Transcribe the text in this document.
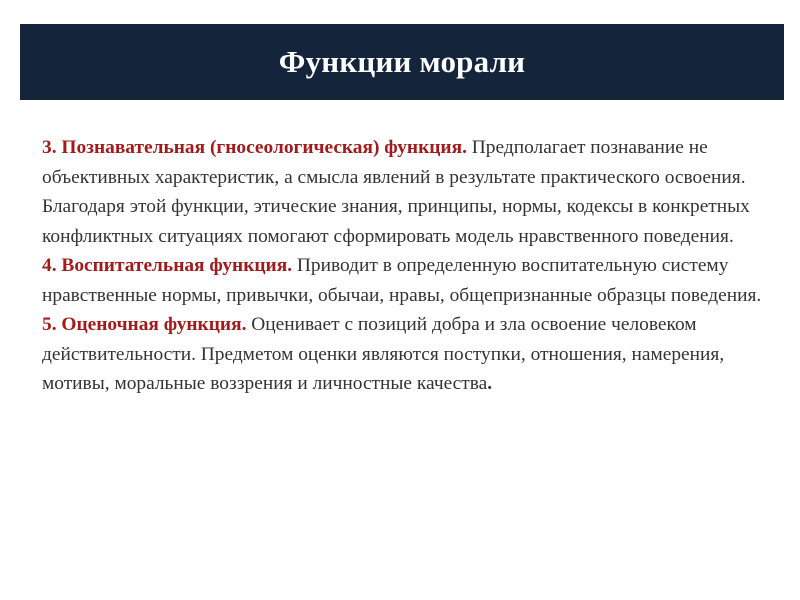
Функции морали

3. Познавательная (гносеологическая) функция. Предполагает познавание не объективных характеристик, а смысла явлений в результате практического освоения. Благодаря этой функции, этические знания, принципы, нормы, кодексы в конкретных конфликтных ситуациях помогают сформировать модель нравственного поведения.

4. Воспитательная функция. Приводит в определенную воспитательную систему нравственные нормы, привычки, обычаи, нравы, общепризнанные образцы поведения.

5. Оценочная функция. Оценивает с позиций добра и зла освоение человеком действительности. Предметом оценки являются поступки, отношения, намерения, мотивы, моральные воззрения и личностные качества.
